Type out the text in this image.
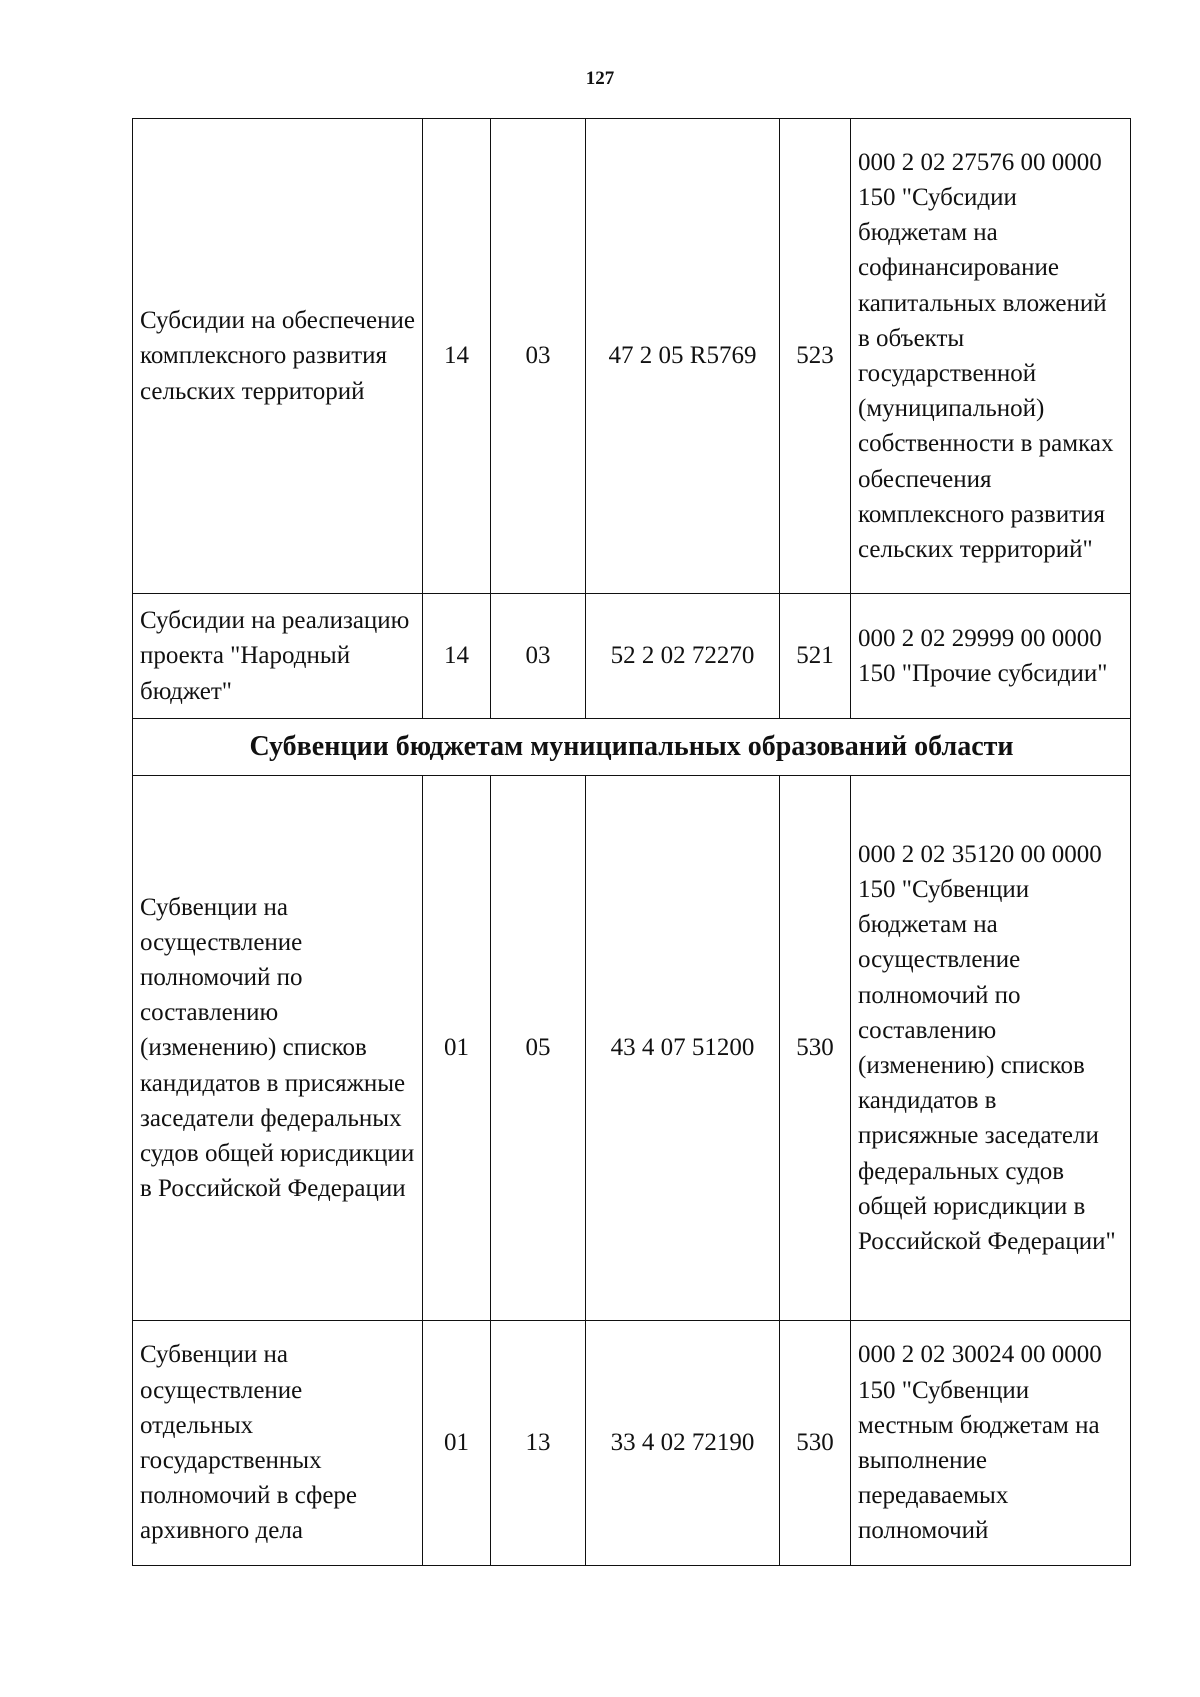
127
Субсидии на обеспечение комплексного развития сельских территорий	14	03	47 2 05 R5769	523	000 2 02 27576 00 0000 150 "Субсидии бюджетам на софинансирование капитальных вложений в объекты государственной (муниципальной) собственности в рамках обеспечения комплексного развития сельских территорий"
Субсидии на реализацию проекта "Народный бюджет"	14	03	52 2 02 72270	521	000 2 02 29999 00 0000 150 "Прочие субсидии"
Субвенции бюджетам муниципальных образований области					
Субвенции на осуществление полномочий по составлению (изменению) списков кандидатов в присяжные заседатели федеральных судов общей юрисдикции в Российской Федерации	01	05	43 4 07 51200	530	000 2 02 35120 00 0000 150 "Субвенции бюджетам на осуществление полномочий по составлению (изменению) списков кандидатов в присяжные заседатели федеральных судов общей юрисдикции в Российской Федерации"
Субвенции на осуществление отдельных государственных полномочий в сфере архивного дела	01	13	33 4 02 72190	530	000 2 02 30024 00 0000 150 "Субвенции местным бюджетам на выполнение передаваемых полномочий
